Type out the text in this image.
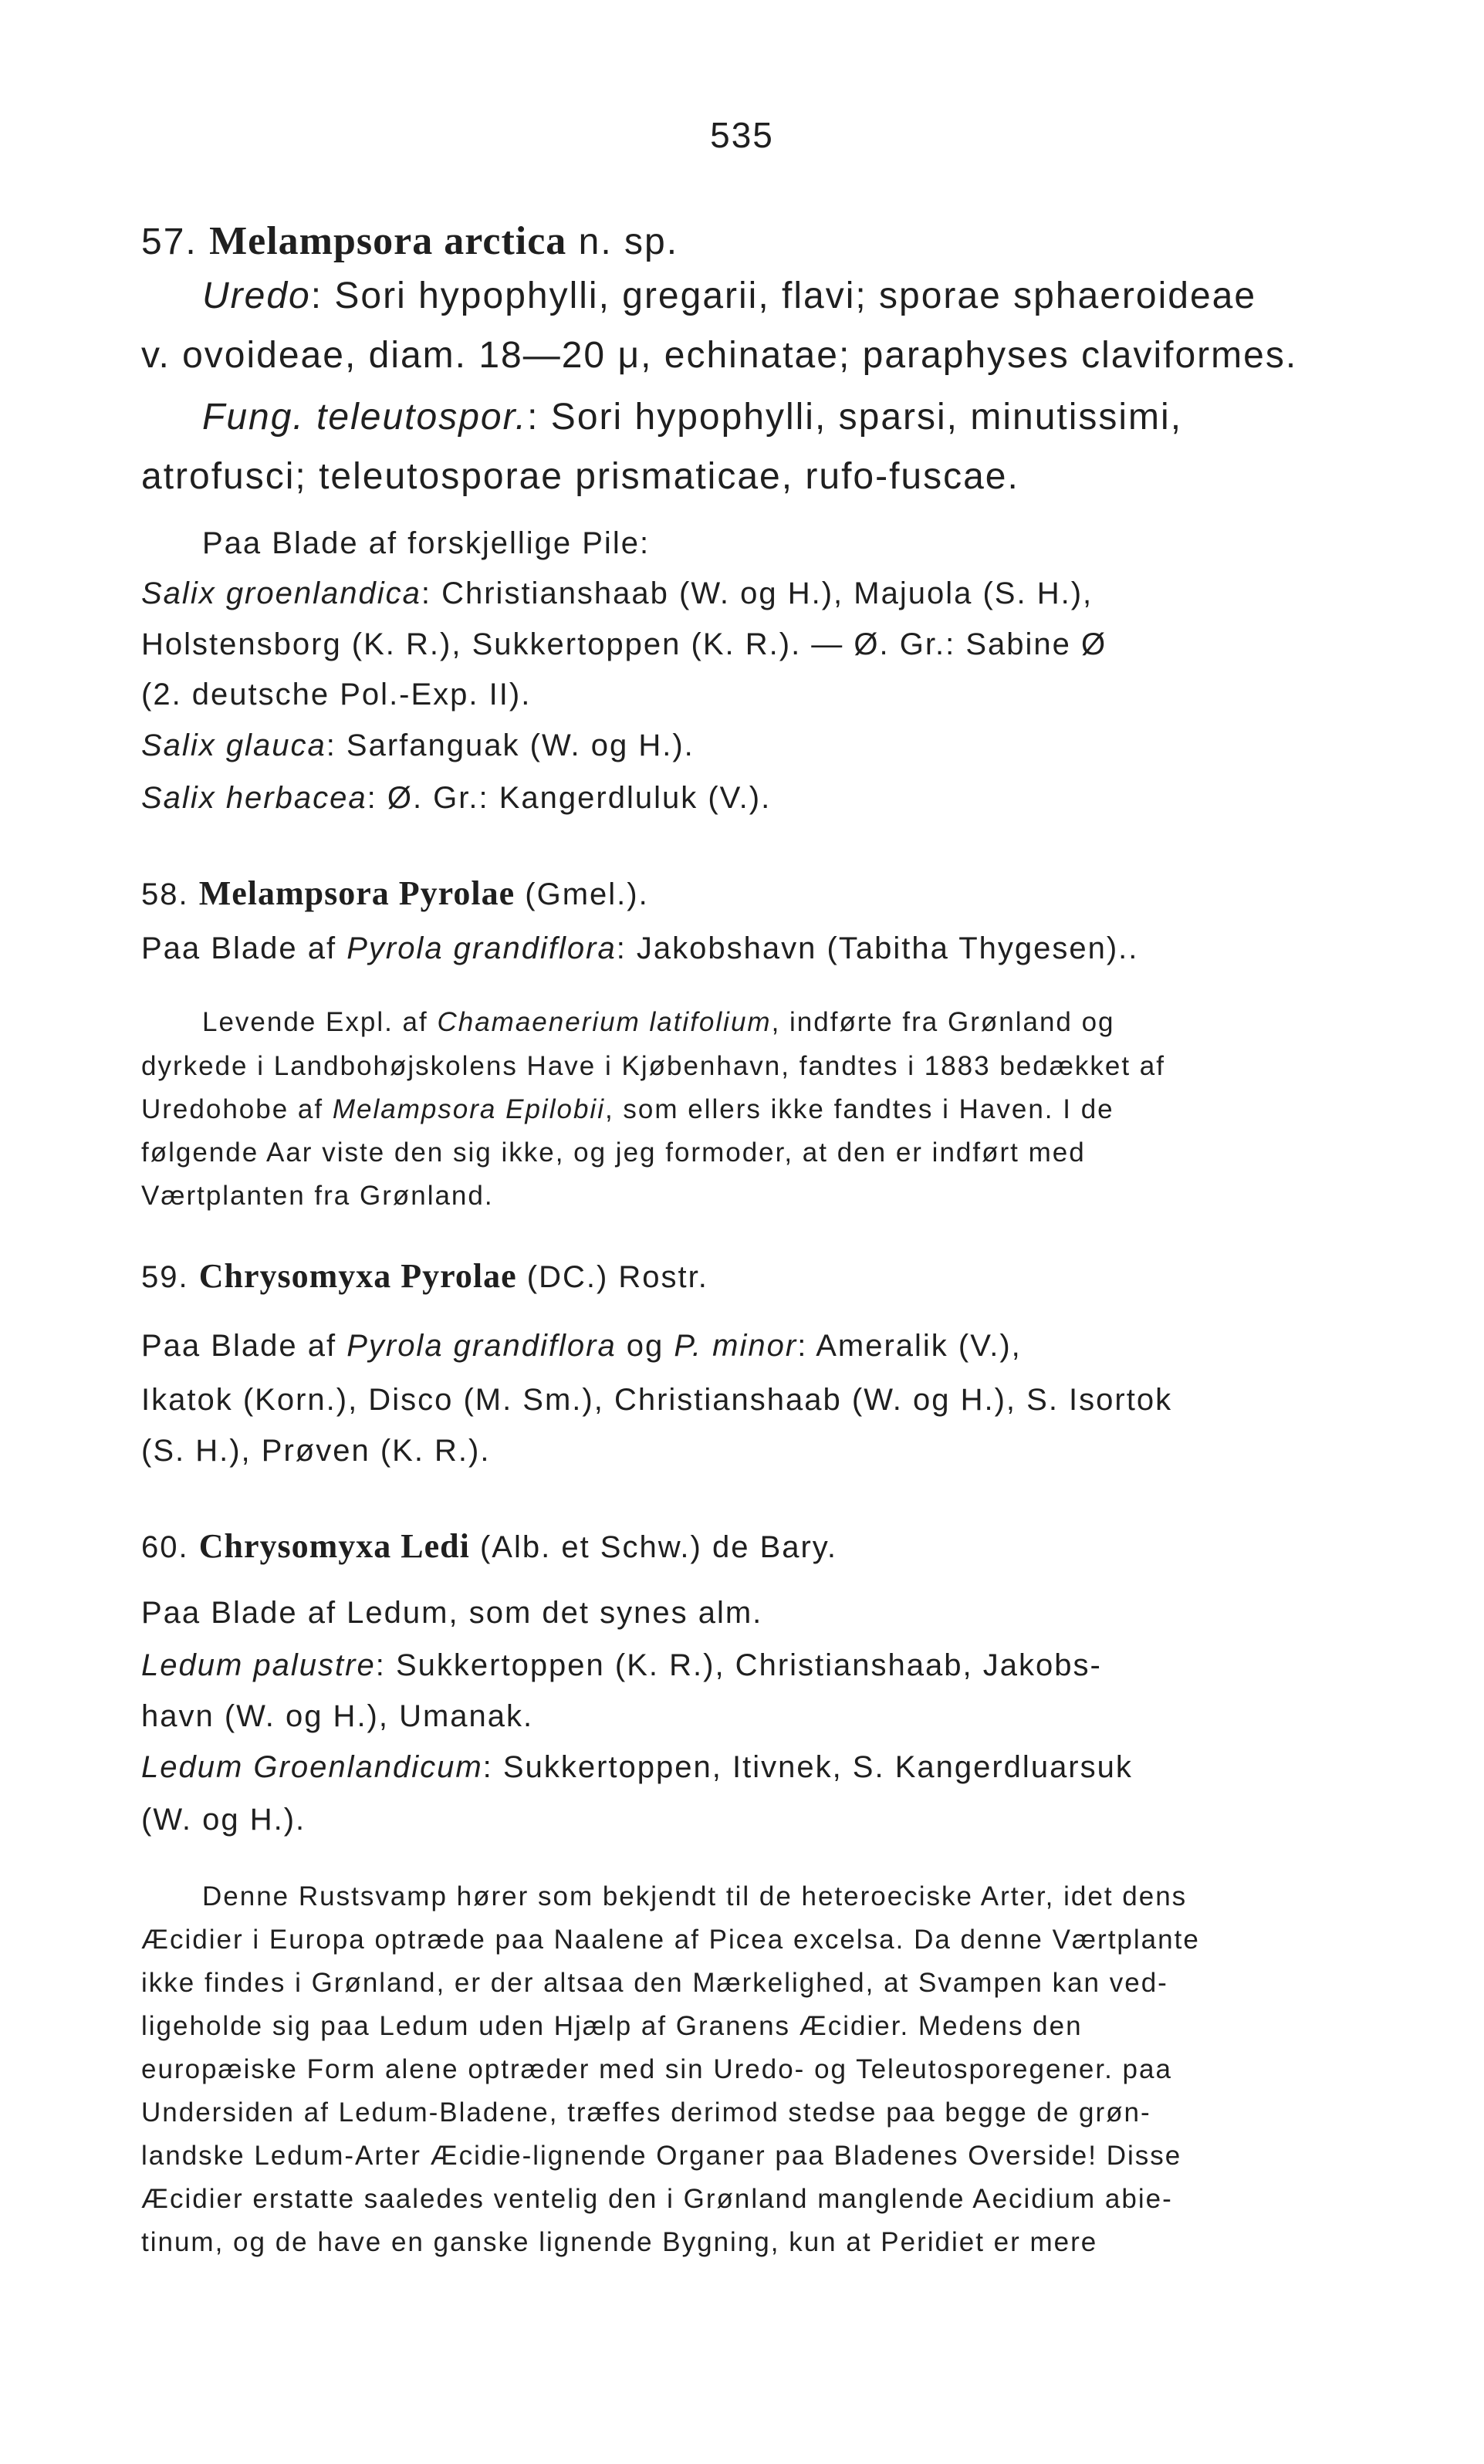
535
57. Melampsora arctica n. sp.
Uredo: Sori hypophylli, gregarii, flavi; sporae sphaeroideae
v. ovoideae, diam. 18—20 μ, echinatae; paraphyses claviformes.
Fung. teleutospor.: Sori hypophylli, sparsi, minutissimi,
atrofusci; teleutosporae prismaticae, rufo-fuscae.
Paa Blade af forskjellige Pile:
Salix groenlandica: Christianshaab (W. og H.), Majuola (S. H.),
Holstensborg (K. R.), Sukkertoppen (K. R.). — Ø. Gr.: Sabine Ø
(2. deutsche Pol.-Exp. II).
Salix glauca: Sarfanguak (W. og H.).
Salix herbacea: Ø. Gr.: Kangerdluluk (V.).
58. Melampsora Pyrolae (Gmel.).
Paa Blade af Pyrola grandiflora: Jakobshavn (Tabitha Thygesen)..
Levende Expl. af Chamaenerium latifolium, indførte fra Grønland og
dyrkede i Landbohøjskolens Have i Kjøbenhavn, fandtes i 1883 bedækket af
Uredohobe af Melampsora Epilobii, som ellers ikke fandtes i Haven. I de
følgende Aar viste den sig ikke, og jeg formoder, at den er indført med
Værtplanten fra Grønland.
59. Chrysomyxa Pyrolae (DC.) Rostr.
Paa Blade af Pyrola grandiflora og P. minor: Ameralik (V.),
Ikatok (Korn.), Disco (M. Sm.), Christianshaab (W. og H.), S. Isortok
(S. H.), Prøven (K. R.).
60. Chrysomyxa Ledi (Alb. et Schw.) de Bary.
Paa Blade af Ledum, som det synes alm.
Ledum palustre: Sukkertoppen (K. R.), Christianshaab, Jakobs-
havn (W. og H.), Umanak.
Ledum Groenlandicum: Sukkertoppen, Itivnek, S. Kangerdluarsuk
(W. og H.).
Denne Rustsvamp hører som bekjendt til de heteroeciske Arter, idet dens
Æcidier i Europa optræde paa Naalene af Picea excelsa. Da denne Værtplante
ikke findes i Grønland, er der altsaa den Mærkelighed, at Svampen kan ved-
ligeholde sig paa Ledum uden Hjælp af Granens Æcidier. Medens den
europæiske Form alene optræder med sin Uredo- og Teleutosporegener. paa
Undersiden af Ledum-Bladene, træffes derimod stedse paa begge de grøn-
landske Ledum-Arter Æcidie-lignende Organer paa Bladenes Overside! Disse
Æcidier erstatte saaledes ventelig den i Grønland manglende Aecidium abie-
tinum, og de have en ganske lignende Bygning, kun at Peridiet er mere
